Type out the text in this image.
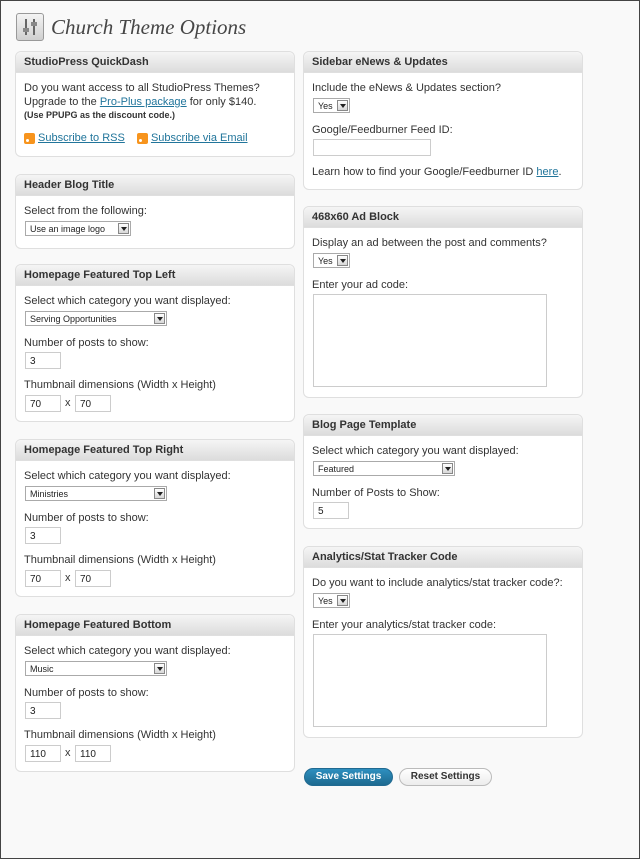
Church Theme Options
StudioPress QuickDash
Do you want access to all StudioPress Themes?
Upgrade to the Pro-Plus package for only $140.
(Use PPUPG as the discount code.)
Subscribe to RSS Subscribe via Email
Header Blog Title
Select from the following:
Use an image logo
Homepage Featured Top Left
Select which category you want displayed:
Serving Opportunities
Number of posts to show:
3
Thumbnail dimensions (Width x Height)
70	x 70
Homepage Featured Top Right
Select which category you want displayed:
Ministries
Number of posts to show:
3
Thumbnail dimensions (Width x Height)
70	x 70
Homepage Featured Bottom
Select which category you want displayed:
Music
Number of posts to show:
3
Thumbnail dimensions (Width x Height)
110	x 110
Sidebar eNews & Updates
Include the eNews & Updates section?
Yes
Google/Feedburner Feed ID:
Learn how to find your Google/Feedburner ID here.
468x60 Ad Block
Display an ad between the post and comments?
Yes
Enter your ad code:
Blog Page Template
Select which category you want displayed:
Featured
Number of Posts to Show:
5
Analytics/Stat Tracker Code
Do you want to include analytics/stat tracker code?:
Yes
Enter your analytics/stat tracker code:
Save Settings	Reset Settings
